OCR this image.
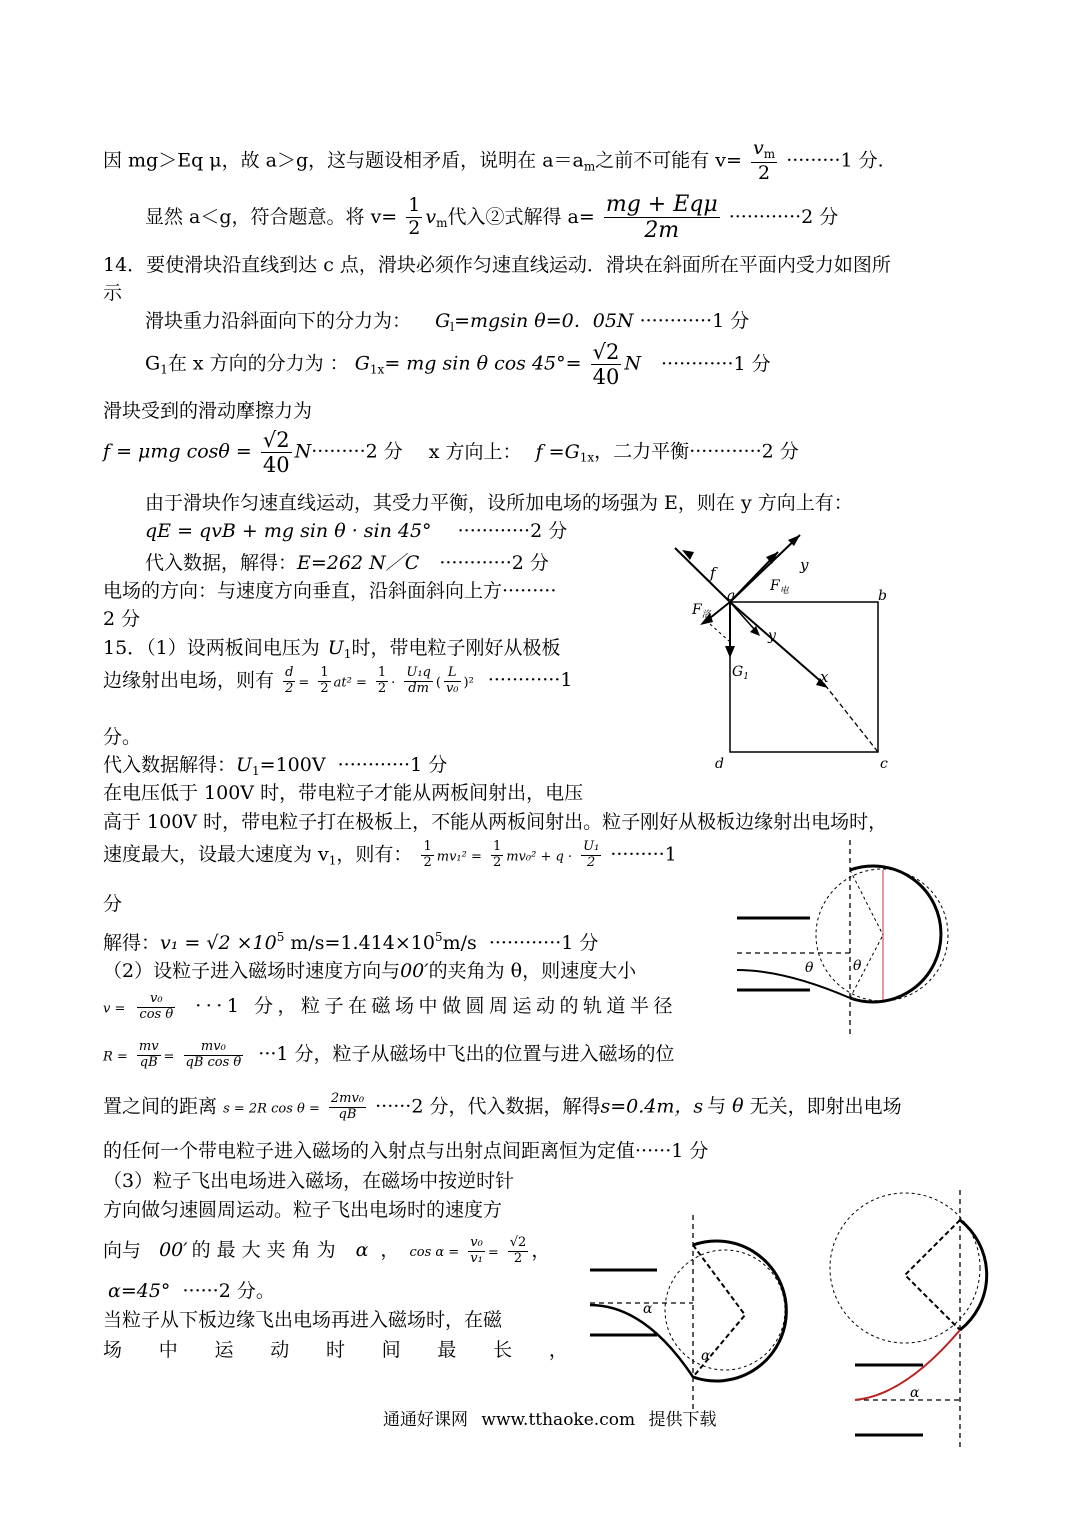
因 mg＞Eq μ，故 a＞g，这与题设相矛盾，说明在 $a=a_m$之前不可能有 $v= \frac{v_m}{2} \cdot\cdot\cdot\cdot\cdot\cdot\cdot\cdot\cdot 1$ 分.
显然 a＜g，符合题意。将 $v= \frac{1}{2} v_m$代入②式解得 $a= \frac{\text{mg + Eqμ}}{2m} \cdot\cdot\cdot\cdot\cdot\cdot\cdot\cdot\cdot\cdot\cdot\cdot 2$ 分
14．要使滑块沿直线到达 c 点，滑块必须作匀速直线运动．滑块在斜面所在平面内受力如图所
示
滑块重力沿斜面向下的分力为： $G_l=mgsin$ θ=0．05N ············1 分
$G_1$在 x 方向的分力为 ： $G_{1x}=$ mg sin θ $\cos 45^\circ= \frac{√2}{40}$ N ············1 分
滑块受到的滑动摩擦力为
f = μmg $\cos\theta = \frac{√2}{40} N\cdot\cdot\cdot\cdot\cdot\cdot\cdot\cdot\cdot 2$ 分 x 方向上： $f =G_{1x}$，二力平衡············2 分
由于滑块作匀速直线运动，其受力平衡，设所加电场的场强为 E，则在 y 方向上有：
qE = qvB + mg sin θ · sin 45° ············2 分
代入数据，解得：E=262 N／C ············2 分
电场的方向：与速度方向垂直，沿斜面斜向上方·········
2 分
15．（1）设两板间电压为 $U_1$时，带电粒子刚好从极板
边缘射出电场，则有 $\frac{d}{2} = \frac{1}{2} at^2 = \frac{1}{2} \cdot \frac{\text{U₁q}}{dm}$ ( $\frac{L}{\text{v₀}} )^2 \cdot\cdot\cdot\cdot\cdot\cdot\cdot\cdot\cdot\cdot\cdot\cdot 1$
分。
代入数据解得：$U_1=100V \cdot\cdot\cdot\cdot\cdot\cdot\cdot\cdot\cdot\cdot\cdot\cdot 1$ 分
在电压低于 100V 时，带电粒子才能从两板间射出，电压
高于 100V 时，带电粒子打在极板上，不能从两板间射出。粒子刚好从极板边缘射出电场时，
速度最大，设最大速度为 $v_1$，则有： $\frac{1}{2} mv_1^2 = \frac{1}{2} mv_0^2 + q \cdot \frac{\text{U₁}}{2} \cdot\cdot\cdot\cdot\cdot\cdot\cdot\cdot\cdot 1$
分
解得：$v_1 = √2 \times 10^5$ $m/s=1.414\times 10^5m/s \cdot\cdot\cdot\cdot\cdot\cdot\cdot\cdot\cdot\cdot\cdot\cdot 1$ 分
（2）设粒子进入磁场时速度方向与00′的夹角为 θ，则速度大小
$v = \frac{\text{v₀}}{\text{cos θ}} \cdot\cdot\cdot 1$ 分，粒子在磁场中做圆周运动的轨道半径
$R = \frac{mv}{qB} = \frac{\text{mv₀}}{\text{qB cos θ}} \cdot\cdot\cdot 1$ 分，粒子从磁场中飞出的位置与进入磁场的位
置之间的距离 s = 2R $\cos \theta = \frac{\text{2mv₀}}{qB} \cdot\cdot\cdot\cdot\cdot\cdot 2$ 分，代入数据，解得s=0.4m，s 与 θ 无关，即射出电场
的任何一个带电粒子进入磁场的入射点与出射点间距离恒为定值······1 分
（3）粒子飞出电场进入磁场，在磁场中按逆时针
方向做匀速圆周运动。粒子飞出电场时的速度方
向与 00′ 的最大夹角为 α ， $\cos \alpha = \frac{\text{v₀}}{\text{v₁}} = \frac{√2}{2}$ ，
α=45° ······2 分。
当粒子从下板边缘飞出电场再进入磁场时，在磁
场 中 运 动 时 间 最 长 ，
通通好课网 www.tthaoke.com 提供下载
f
a	b
c
d
y
y
x
$F_电$
$F_洛$
$G_1$
θ	θ
α
α
α
